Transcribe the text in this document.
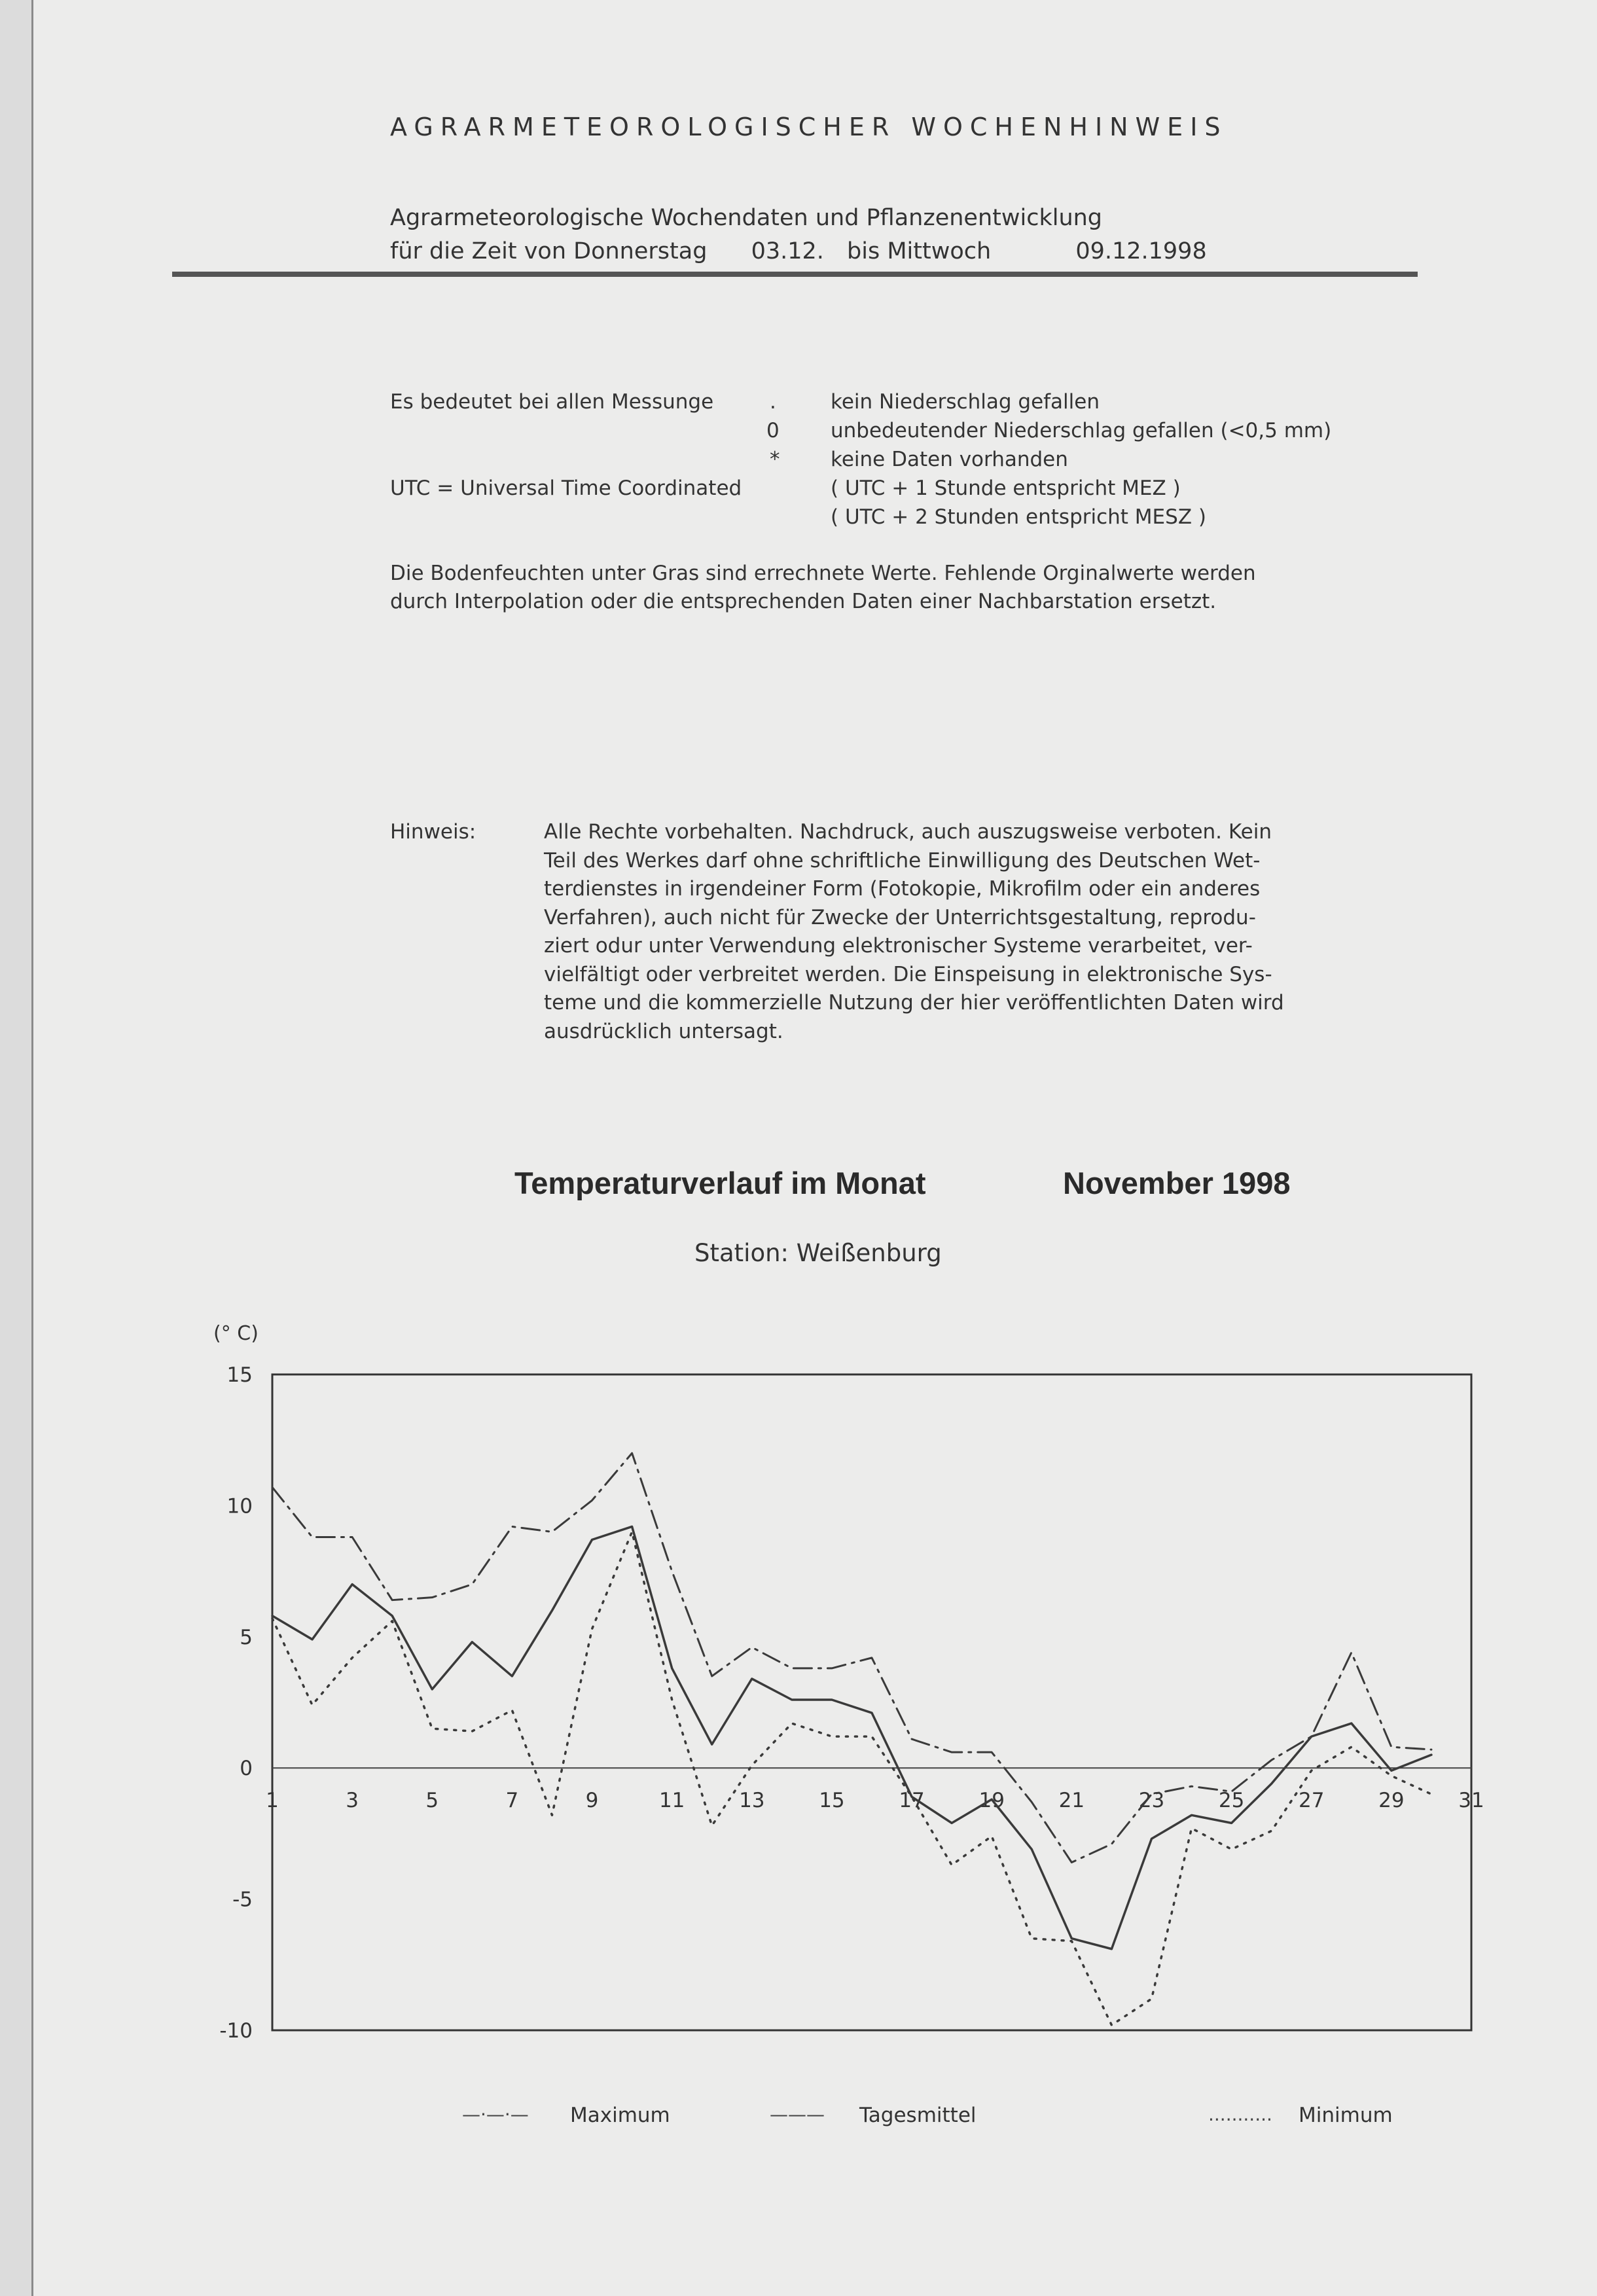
AGRARMETEOROLOGISCHER WOCHENHINWEIS
Agrarmeteorologische Wochendaten und Pflanzenentwicklung
für die Zeit von Donnerstag 03.12. bis Mittwoch	09.12.1998
Es bedeutet bei allen Messunge	.	kein Niederschlag gefallen
0	unbedeutender Niederschlag gefallen (<0,5 mm)
*	keine Daten vorhanden
UTC = Universal Time Coordinated	( UTC + 1 Stunde entspricht MEZ )
( UTC + 2 Stunden entspricht MESZ )
Die Bodenfeuchten unter Gras sind errechnete Werte. Fehlende Orginalwerte werden
durch Interpolation oder die entsprechenden Daten einer Nachbarstation ersetzt.
Hinweis:	Alle Rechte vorbehalten. Nachdruck, auch auszugsweise verboten. Kein
Teil des Werkes darf ohne schriftliche Einwilligung des Deutschen Wet-
terdienstes in irgendeiner Form (Fotokopie, Mikrofilm oder ein anderes
Verfahren), auch nicht für Zwecke der Unterrichtsgestaltung, reprodu-
ziert odur unter Verwendung elektronischer Systeme verarbeitet, ver-
vielfältigt oder verbreitet werden. Die Einspeisung in elektronische Sys-
teme und die kommerzielle Nutzung der hier veröffentlichten Daten wird
ausdrücklich untersagt.
Temperaturverlauf im Monat	November 1998
Station: Weißenburg
(° C)
15
10
5
0
-5
-10
1	3	5	7	9	11	13	15	17	19	21	23	25	27	29	31
—·—·— Maximum	——— Tagesmittel	........... Minimum
